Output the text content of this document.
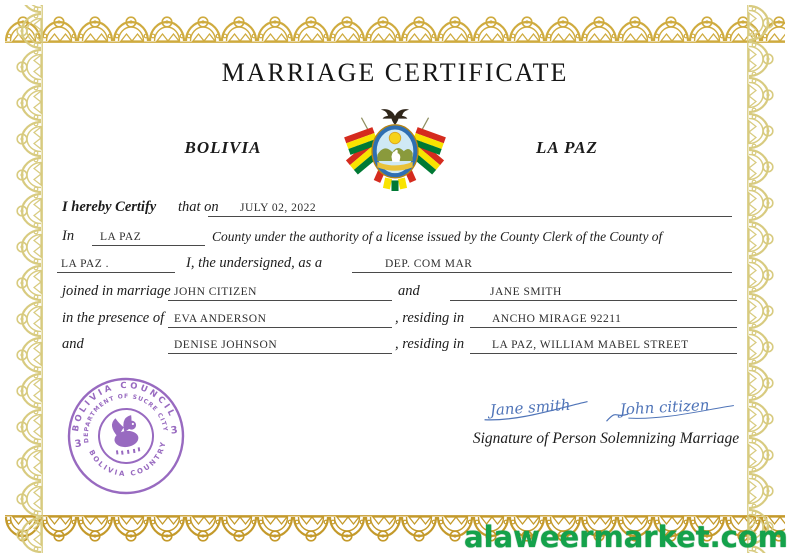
MARRIAGE CERTIFICATE
BOLIVIA	LA PAZ
I hereby Certify that on JULY 02, 2022
In LA PAZ	County under the authority of a license issued by the County Clerk of the County of
LA PAZ .	I, the undersigned, as a	DEP. COM MAR
joined in marriage JOHN CITIZEN	and	JANE SMITH
in the presence of EVA ANDERSON	, residing in ANCHO MIRAGE 92211
and	DENISE JOHNSON	, residing in LA PAZ, WILLIAM MABEL STREET
BOLIVIA COUNCIL
DEPARTMENT OF SUCRE CITY
BOLIVIA COUNTRY
3
3
Jane smith	John citizen
Signature of Person Solemnizing Marriage
alaweermarket.com
